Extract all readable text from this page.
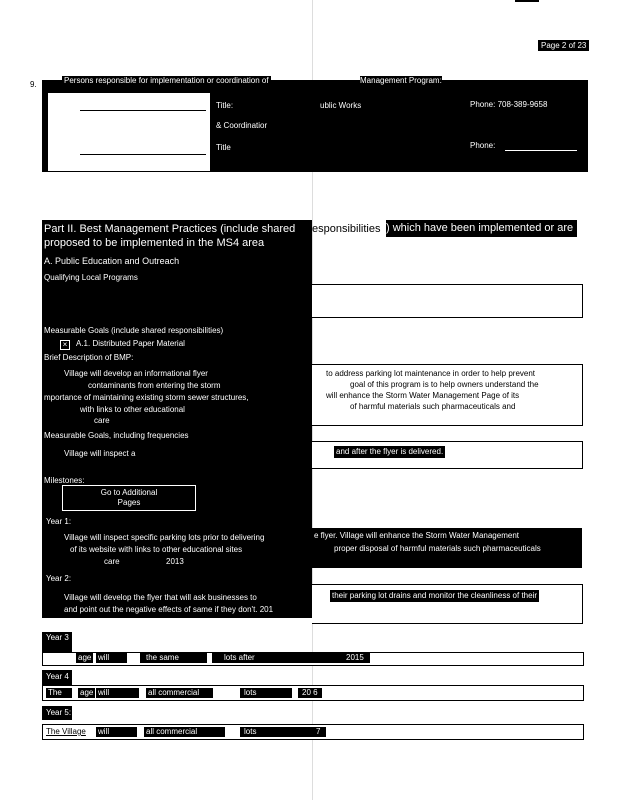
Page 2 of 23
Persons responsible for implementation or coordination of	Management Program:
9.
Title:	ublic Works	Phone: 708-389-9658
& Coordinatior
Title	Phone:
Part II. Best Management Practices (include shared esponsibilities ) which have been implemented or are
proposed to be implemented in the MS4 area
A. Public Education and Outreach
Qualifying Local Programs
Measurable Goals (include shared responsibilities)
×	A.1. Distributed Paper Material
Brief Description of BMP:
Village will develop an informational flyer
contaminants from entering the storm
mportance of maintaining existing storm sewer structures,
with links to other educational
care
to address parking lot maintenance in order to help prevent
goal of this program is to help owners understand the
will enhance the Storm Water Management Page of its
of harmful materials such pharmaceuticals and
Measurable Goals, including frequencies
Village will inspect a	and after the flyer is delivered.
Milestones:
Go to Additional
Pages
Year 1:
Village will inspect specific parking lots prior to delivering
of its website with links to other educational sites
care	2013
e flyer. Village will enhance the Storm Water Management
proper disposal of harmful materials such pharmaceuticals
Year 2:
Village will develop the flyer that will ask businesses to
and point out the negative effects of same if they don't. 201
their parking lot drains and monitor the cleanliness of their
Year 3
age will	the same	lots after	2015
Year 4
The	age will	all commercial	lots	20 6
Year 5:
The Village will	all commercial	lots	7
